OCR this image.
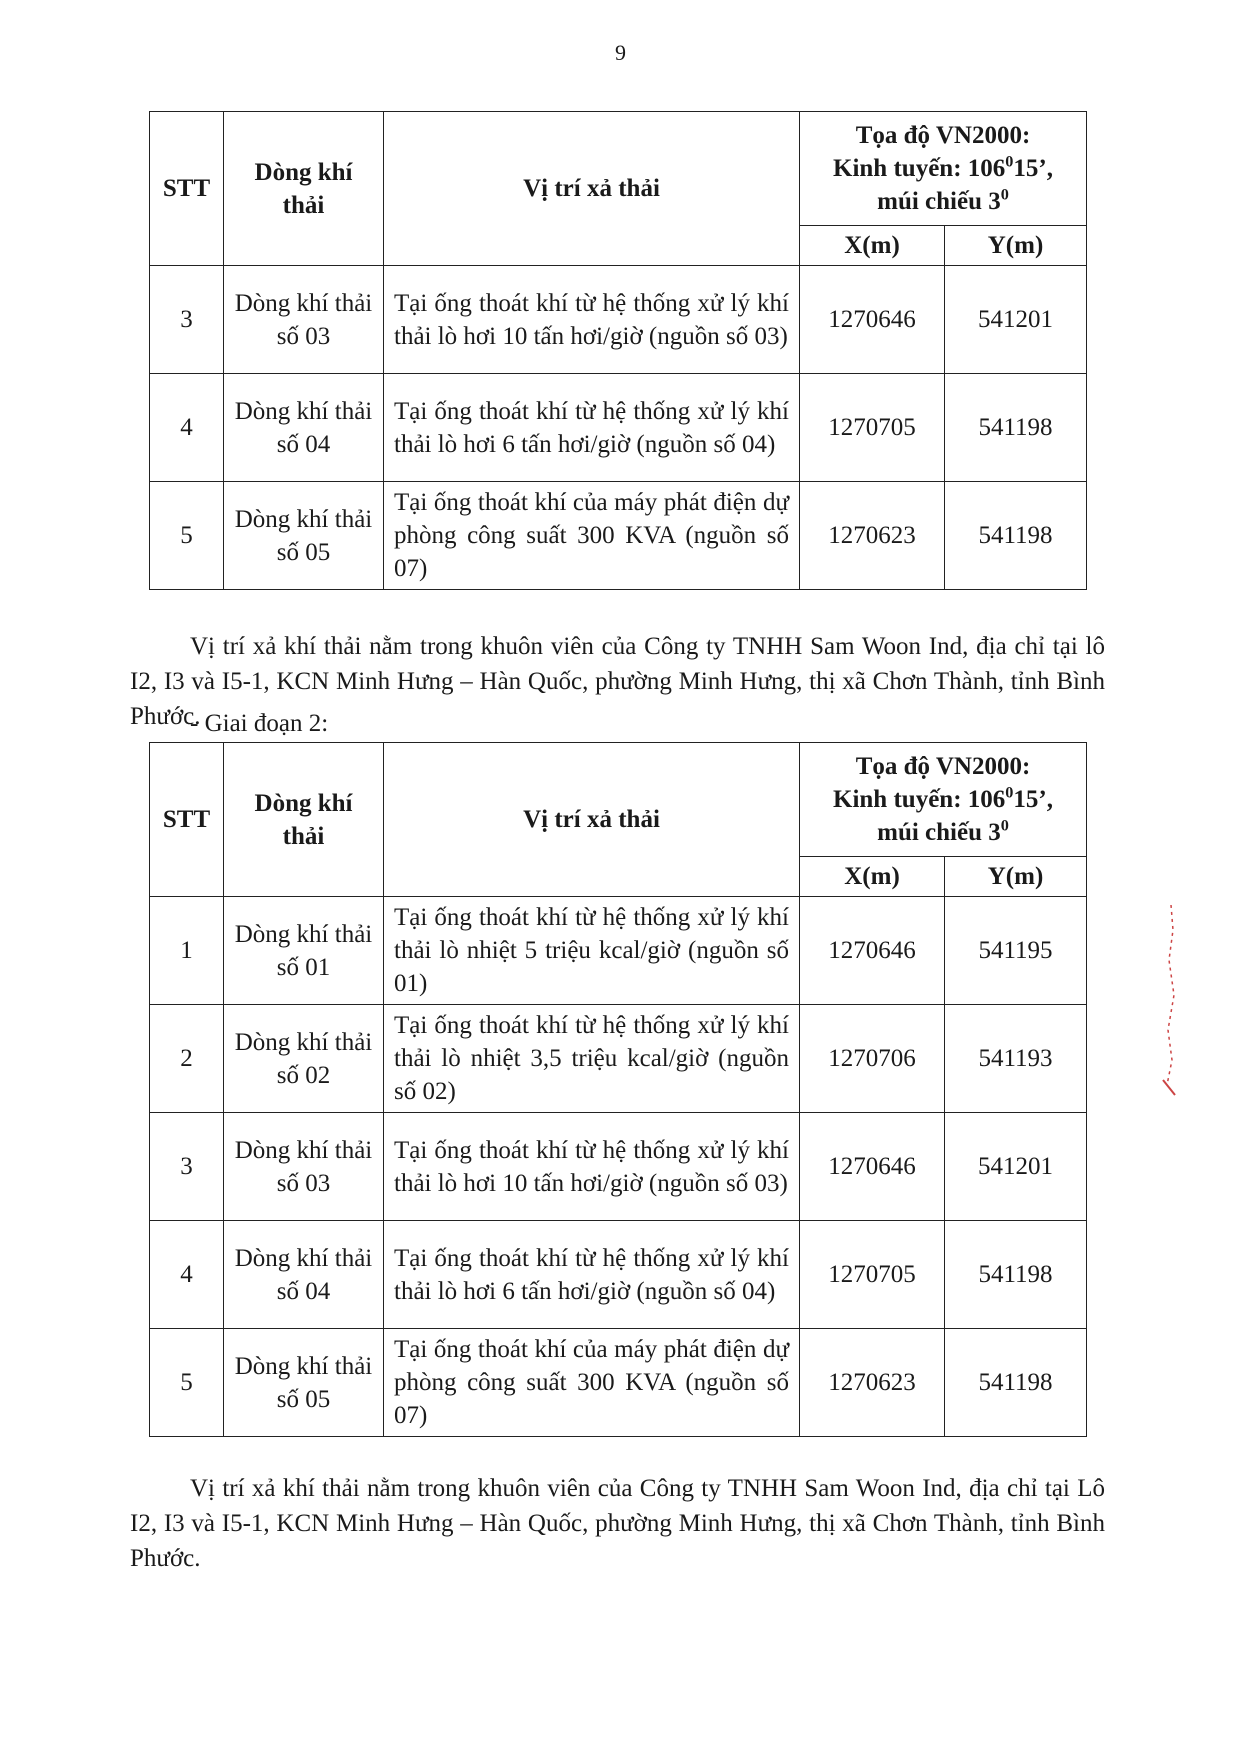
9
STT	Dòng khí thải	Vị trí xả thải	Tọa độ VN2000:
Kinh tuyến: $106^015$’,
múi chiếu $3^0$

			X(m)	Y(m)
3	Dòng khí thải số 03	Tại ống thoát khí từ hệ thống xử lý khí thải lò hơi 10 tấn hơi/giờ (nguồn số 03)	1270646	541201
4	Dòng khí thải số 04	Tại ống thoát khí từ hệ thống xử lý khí thải lò hơi 6 tấn hơi/giờ (nguồn số 04)	1270705	541198
5	Dòng khí thải số 05	Tại ống thoát khí của máy phát điện dự phòng công suất 300 KVA (nguồn số 07)	1270623	541198

Vị trí xả khí thải nằm trong khuôn viên của Công ty TNHH Sam Woon Ind, địa chỉ tại lô I2, I3 và I5-1, KCN Minh Hưng – Hàn Quốc, phường Minh Hưng, thị xã Chơn Thành, tỉnh Bình Phước.

- Giai đoạn 2:
STT	Dòng khí thải	Vị trí xả thải	Tọa độ VN2000:
Kinh tuyến: $106^015$’,
múi chiếu $3^0$

			X(m)	Y(m)
1	Dòng khí thải số 01	Tại ống thoát khí từ hệ thống xử lý khí thải lò nhiệt 5 triệu kcal/giờ (nguồn số 01)	1270646	541195
2	Dòng khí thải số 02	Tại ống thoát khí từ hệ thống xử lý khí thải lò nhiệt 3,5 triệu kcal/giờ (nguồn số 02)	1270706	541193
3	Dòng khí thải số 03	Tại ống thoát khí từ hệ thống xử lý khí thải lò hơi 10 tấn hơi/giờ (nguồn số 03)	1270646	541201
4	Dòng khí thải số 04	Tại ống thoát khí từ hệ thống xử lý khí thải lò hơi 6 tấn hơi/giờ (nguồn số 04)	1270705	541198
5	Dòng khí thải số 05	Tại ống thoát khí của máy phát điện dự phòng công suất 300 KVA (nguồn số 07)	1270623	541198

Vị trí xả khí thải nằm trong khuôn viên của Công ty TNHH Sam Woon Ind, địa chỉ tại Lô I2, I3 và I5-1, KCN Minh Hưng – Hàn Quốc, phường Minh Hưng, thị xã Chơn Thành, tỉnh Bình Phước.
